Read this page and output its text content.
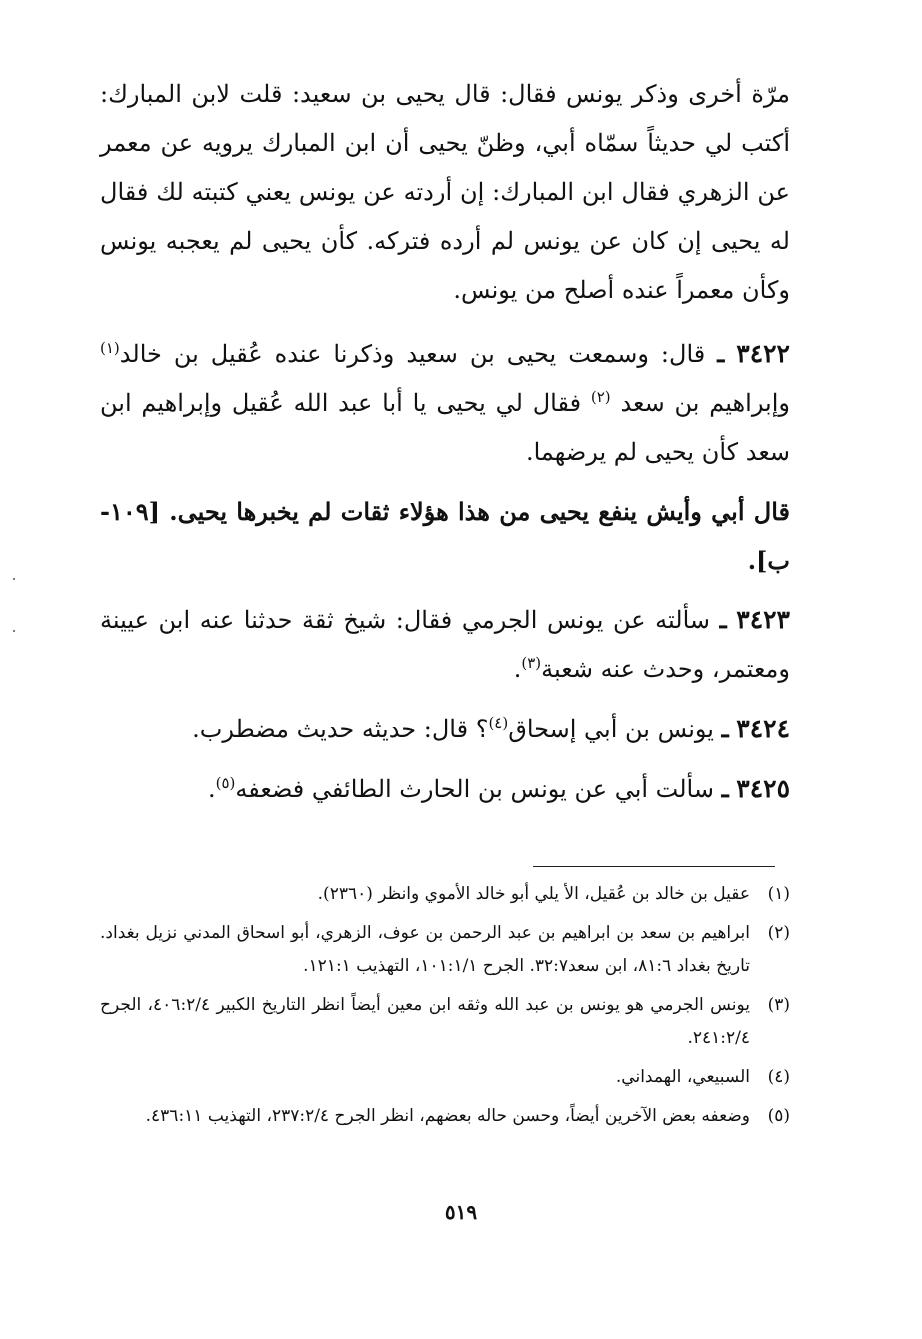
مرّة أخرى وذكر يونس فقال: قال يحيى بن سعيد: قلت لابن المبارك: أكتب لي حديثاً سمّاه أبي، وظنّ يحيى أن ابن المبارك يرويه عن معمر عن الزهري فقال ابن المبارك: إن أردته عن يونس يعني كتبته لك فقال له يحيى إن كان عن يونس لم أرده فتركه. كأن يحيى لم يعجبه يونس وكأن معمراً عنده أصلح من يونس.

٣٤٢٢ ـ قال: وسمعت يحيى بن سعيد وذكرنا عنده عُقيل بن خالد$^{(١)}$ وإبراهيم بن سعد $^{(٢)}$ فقال لي يحيى يا أبا عبد الله عُقيل وإبراهيم ابن سعد كأن يحيى لم يرضهما.

قال أبي وأيش ينفع يحيى من هذا هؤلاء ثقات لم يخبرها يحيى. [١٠٩-ب].

٣٤٢٣ ـ سألته عن يونس الجرمي فقال: شيخ ثقة حدثنا عنه ابن عيينة ومعتمر، وحدث عنه شعبة$^{(٣)}$.

٣٤٢٤ ـ يونس بن أبي إسحاق$^{(٤)}$؟ قال: حديثه حديث مضطرب.

٣٤٢٥ ـ سألت أبي عن يونس بن الحارث الطائفي فضعفه$^{(٥)}$.

(١)
عقيل بن خالد بن عُقيل، الأ يلي أبو خالد الأموي وانظر (٢٣٦٠).
(٢)
ابراهيم بن سعد بن ابراهيم بن عبد الرحمن بن عوف، الزهري، أبو اسحاق المدني نزيل بغداد. تاريخ بغداد ٨١:٦، ابن سعد٣٢:٧. الجرح ١٠١:١/١، التهذيب ١٢١:١.
(٣)
يونس الجرمي هو يونس بن عبد الله وثقه ابن معين أيضاً انظر التاريخ الكبير ٤٠٦:٢/٤، الجرح ٢٤١:٢/٤.
(٤)
السبيعي، الهمداني.
(٥)
وضعفه بعض الآخرين أيضاً، وحسن حاله بعضهم، انظر الجرح ٢٣٧:٢/٤، التهذيب ٤٣٦:١١.
٥١٩
